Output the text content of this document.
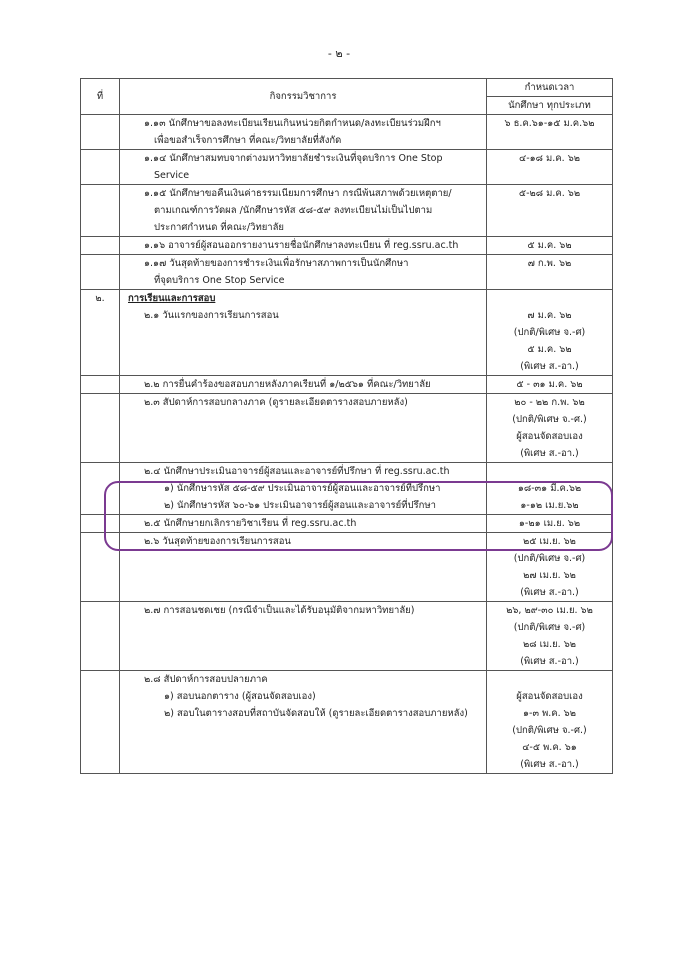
- ๒ -
ที่	กิจกรรมวิชาการ	กำหนดเวลา
		นักศึกษา ทุกประเภท

	๑.๑๓ นักศึกษาขอลงทะเบียนเรียนเกินหน่วยกิตกำหนด/ลงทะเบียนร่วมฝึกฯ
เพื่อขอสำเร็จการศึกษา ที่คณะ/วิทยาลัยที่สังกัด	๖ ธ.ค.๖๑-๑๕ ม.ค.๖๒

	๑.๑๔ นักศึกษาสมทบจากต่างมหาวิทยาลัยชำระเงินที่จุดบริการ One Stop
Service	๔-๑๘ ม.ค. ๖๒

	๑.๑๕ นักศึกษาขอคืนเงินค่าธรรมเนียมการศึกษา กรณีพ้นสภาพด้วยเหตุตาย/
ตามเกณฑ์การวัดผล /นักศึกษารหัส ๕๘-๕๙ ลงทะเบียนไม่เป็นไปตาม
ประกาศกำหนด ที่คณะ/วิทยาลัย	๕-๒๘ ม.ค. ๖๒

	๑.๑๖ อาจารย์ผู้สอนออกรายงานรายชื่อนักศึกษาลงทะเบียน ที่ reg.ssru.ac.th	๕ ม.ค. ๖๒

	๑.๑๗ วันสุดท้ายของการชำระเงินเพื่อรักษาสภาพการเป็นนักศึกษา
ที่จุดบริการ One Stop Service	๗ ก.พ. ๖๒

๒.	การเรียนและการสอบ	

	๒.๑ วันแรกของการเรียนการสอน	๗ ม.ค. ๖๒
(ปกติ/พิเศษ จ.-ศ)
๕ ม.ค. ๖๒
(พิเศษ ส.-อา.)

	๒.๒ การยื่นคำร้องขอสอบภายหลังภาคเรียนที่ ๑/๒๕๖๑ ที่คณะ/วิทยาลัย	๕ - ๓๑ ม.ค. ๖๒

	๒.๓ สัปดาห์การสอบกลางภาค (ดูรายละเอียดตารางสอบภายหลัง)	๒๐ - ๒๒ ก.พ. ๖๒
(ปกติ/พิเศษ จ.-ศ.)
ผู้สอนจัดสอบเอง
(พิเศษ ส.-อา.)

	๒.๔ นักศึกษาประเมินอาจารย์ผู้สอนและอาจารย์ที่ปรึกษา ที่ reg.ssru.ac.th	

	๑) นักศึกษารหัส ๕๘-๕๙ ประเมินอาจารย์ผู้สอนและอาจารย์ที่ปรึกษา	๑๘-๓๑ มี.ค.๖๒

	๒) นักศึกษารหัส ๖๐-๖๑ ประเมินอาจารย์ผู้สอนและอาจารย์ที่ปรึกษา	๑-๑๒ เม.ย.๖๒

	๒.๕ นักศึกษายกเลิกรายวิชาเรียน ที่ reg.ssru.ac.th	๑-๒๑ เม.ย. ๖๒

	๒.๖ วันสุดท้ายของการเรียนการสอน	๒๕ เม.ย. ๖๒
(ปกติ/พิเศษ จ.-ศ)
๒๗ เม.ย. ๖๒
(พิเศษ ส.-อา.)

	๒.๗ การสอนชดเชย (กรณีจำเป็นและได้รับอนุมัติจากมหาวิทยาลัย)	๒๖, ๒๙-๓๐ เม.ย. ๖๒
(ปกติ/พิเศษ จ.-ศ)
๒๘ เม.ย. ๖๒
(พิเศษ ส.-อา.)

	๒.๘ สัปดาห์การสอบปลายภาค	

	๑) สอบนอกตาราง (ผู้สอนจัดสอบเอง)	ผู้สอนจัดสอบเอง

	๒) สอบในตารางสอบที่สถาบันจัดสอบให้ (ดูรายละเอียดตารางสอบภายหลัง)	๑-๓ พ.ค. ๖๒
(ปกติ/พิเศษ จ.-ศ.)
๔-๕ พ.ค. ๖๑
(พิเศษ ส.-อา.)
